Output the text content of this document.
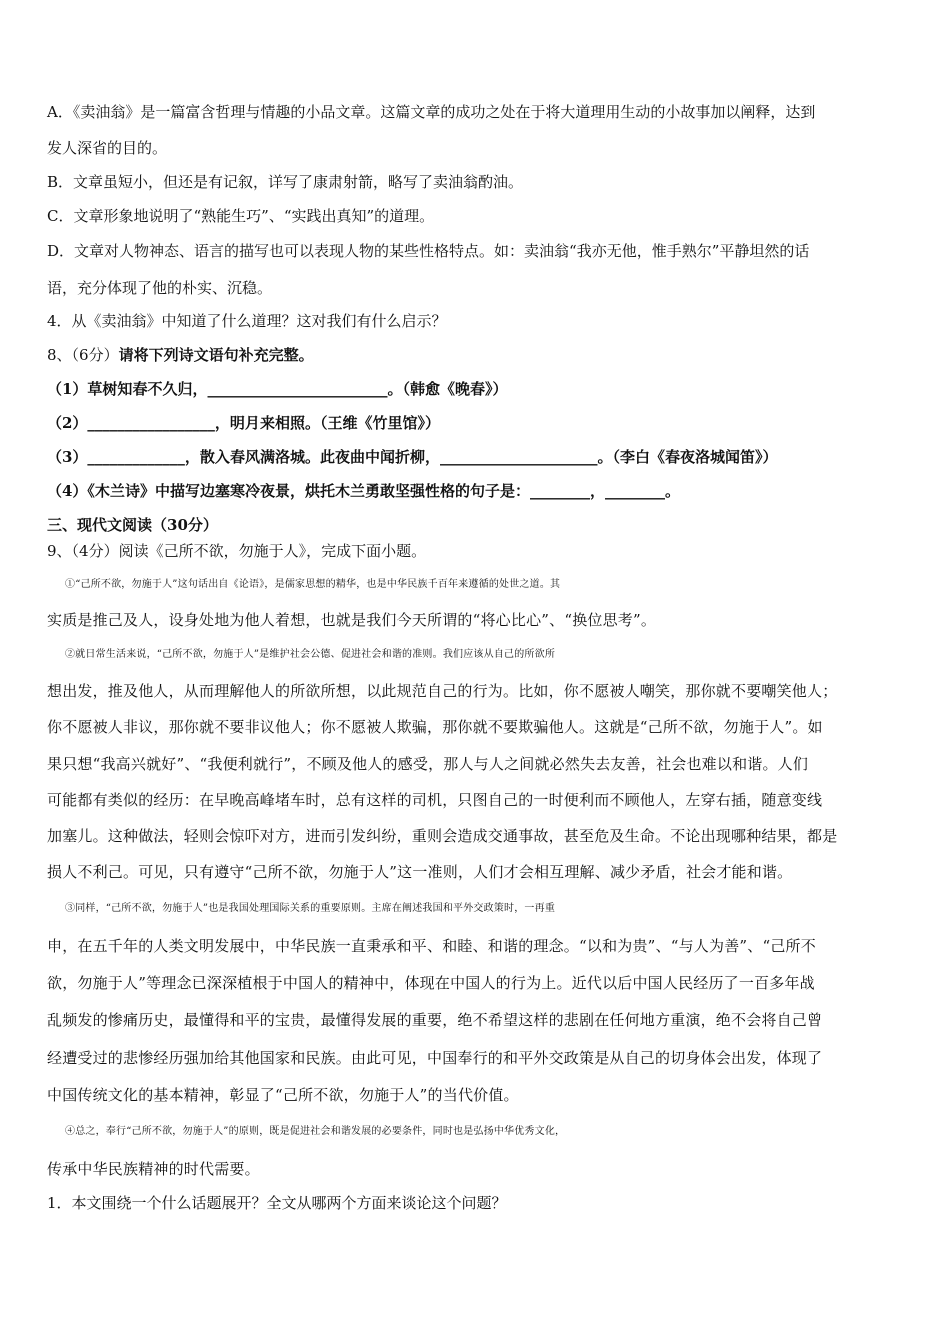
A．《卖油翁》是一篇富含哲理与情趣的小品文章。这篇文章的成功之处在于将大道理用生动的小故事加以阐释，达到
发人深省的目的。
B．文章虽短小，但还是有记叙，详写了康肃射箭，略写了卖油翁酌油。
C．文章形象地说明了“熟能生巧”、“实践出真知”的道理。
D．文章对人物神态、语言的描写也可以表现人物的某些性格特点。如：卖油翁“我亦无他，惟手熟尔”平静坦然的话
语，充分体现了他的朴实、沉稳。
4．从《卖油翁》中知道了什么道理？这对我们有什么启示？
8、（6分）请将下列诗文语句补充完整。
（1）草树知春不久归，________________________。（韩愈《晚春》）
（2）_________________，明月来相照。（王维《竹里馆》）
（3）_____________，散入春风满洛城。此夜曲中闻折柳，_____________________。（李白《春夜洛城闻笛》）
（4）《木兰诗》中描写边塞寒冷夜景，烘托木兰勇敢坚强性格的句子是：________，________。
三、现代文阅读（30分）
9、（4分）阅读《己所不欲，勿施于人》，完成下面小题。
①“己所不欲，勿施于人”这句话出自《论语》，是儒家思想的精华，也是中华民族千百年来遵循的处世之道。其
实质是推己及人，设身处地为他人着想，也就是我们今天所谓的“将心比心”、“换位思考”。
②就日常生活来说，“己所不欲，勿施于人”是维护社会公德、促进社会和谐的准则。我们应该从自己的所欲所
想出发，推及他人，从而理解他人的所欲所想，以此规范自己的行为。比如，你不愿被人嘲笑，那你就不要嘲笑他人；
你不愿被人非议，那你就不要非议他人；你不愿被人欺骗，那你就不要欺骗他人。这就是“己所不欲，勿施于人”。如
果只想“我高兴就好”、“我便利就行”，不顾及他人的感受，那人与人之间就必然失去友善，社会也难以和谐。人们
可能都有类似的经历：在早晚高峰堵车时，总有这样的司机，只图自己的一时便利而不顾他人，左穿右插，随意变线
加塞儿。这种做法，轻则会惊吓对方，进而引发纠纷，重则会造成交通事故，甚至危及生命。不论出现哪种结果，都是
损人不利己。可见，只有遵守“己所不欲，勿施于人”这一准则，人们才会相互理解、减少矛盾，社会才能和谐。
③同样，“己所不欲，勿施于人”也是我国处理国际关系的重要原则。主席在阐述我国和平外交政策时，一再重
申，在五千年的人类文明发展中，中华民族一直秉承和平、和睦、和谐的理念。“以和为贵”、“与人为善”、“己所不
欲，勿施于人”等理念已深深植根于中国人的精神中，体现在中国人的行为上。近代以后中国人民经历了一百多年战
乱频发的惨痛历史，最懂得和平的宝贵，最懂得发展的重要，绝不希望这样的悲剧在任何地方重演，绝不会将自己曾
经遭受过的悲惨经历强加给其他国家和民族。由此可见，中国奉行的和平外交政策是从自己的切身体会出发，体现了
中国传统文化的基本精神，彰显了“己所不欲，勿施于人”的当代价值。
④总之，奉行“己所不欲，勿施于人”的原则，既是促进社会和谐发展的必要条件，同时也是弘扬中华优秀文化，
传承中华民族精神的时代需要。
1．本文围绕一个什么话题展开？全文从哪两个方面来谈论这个问题？
